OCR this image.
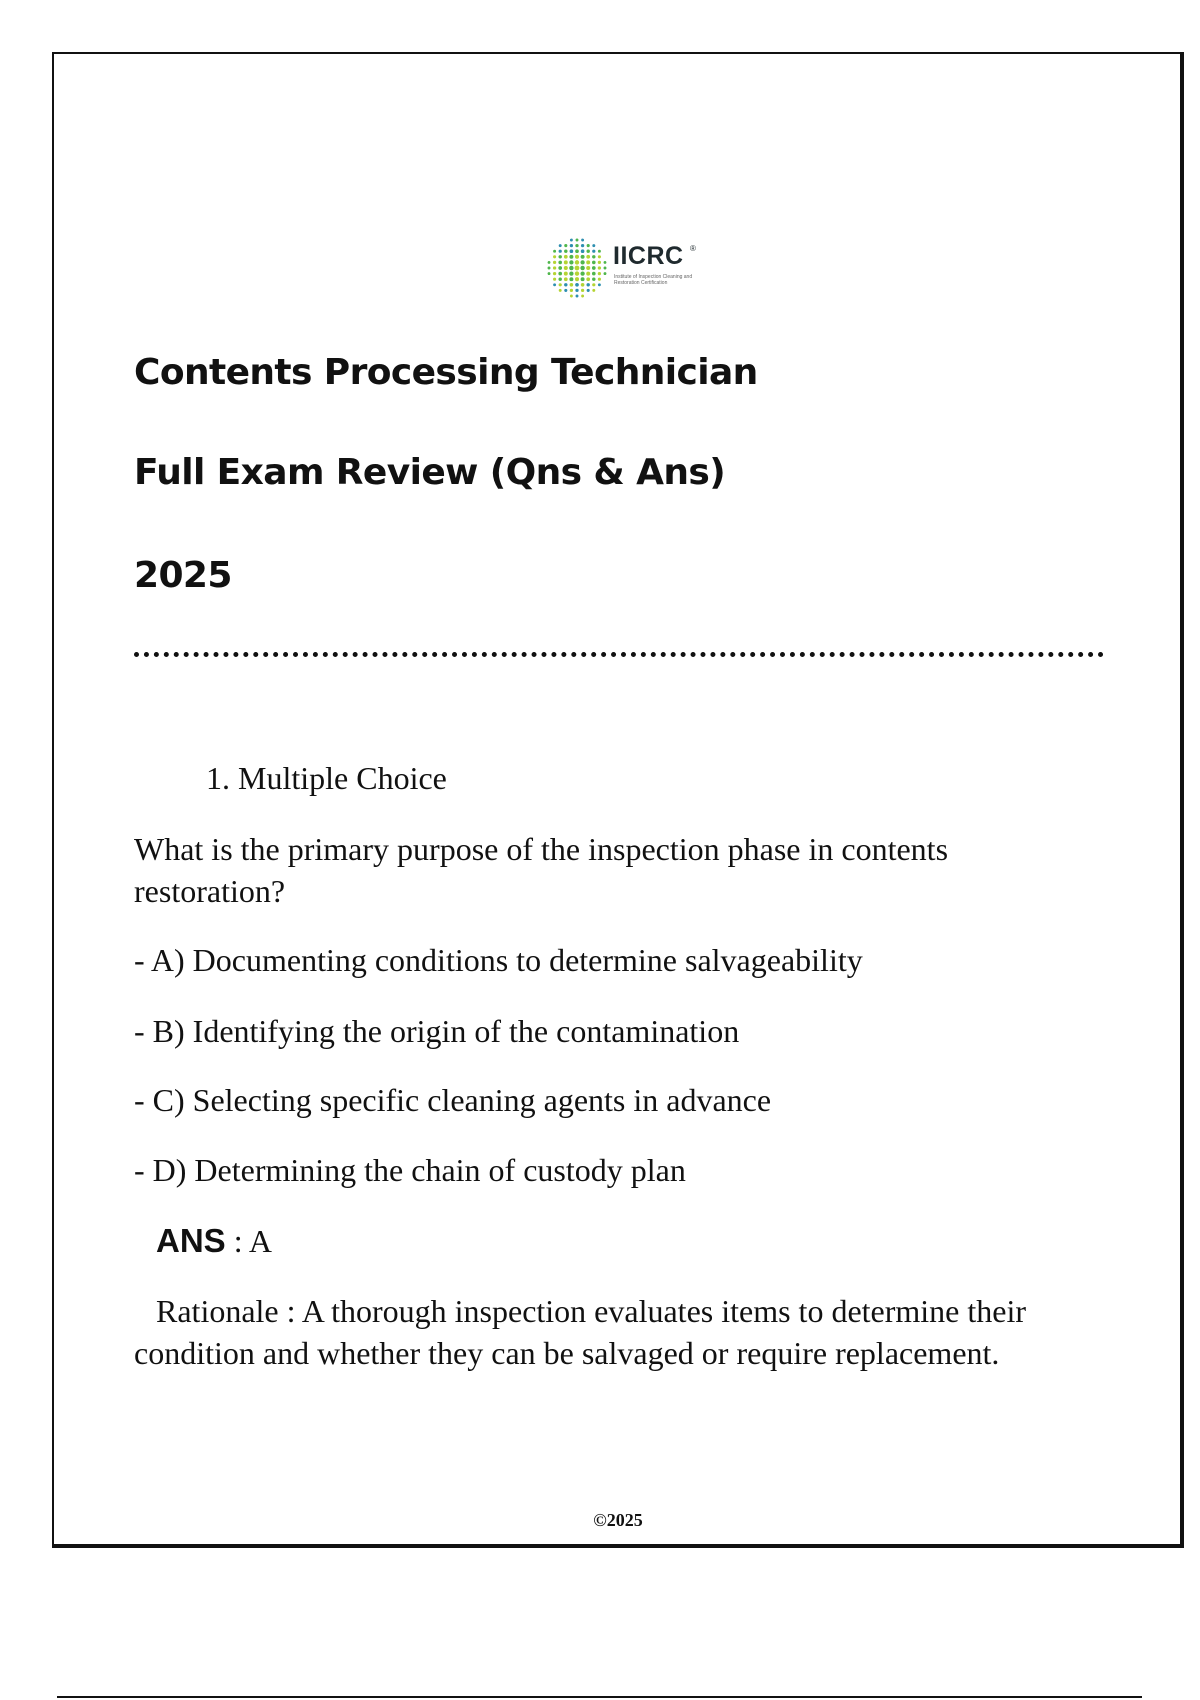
IICRC ®
Institute of Inspection Cleaning and Restoration Certification
Contents Processing Technician
Full Exam Review (Qns & Ans)
2025
1. Multiple Choice
What is the primary purpose of the inspection phase in contents restoration?
- A) Documenting conditions to determine salvageability
- B) Identifying the origin of the contamination
- C) Selecting specific cleaning agents in advance
- D) Determining the chain of custody plan
ANS : A
Rationale : A thorough inspection evaluates items to determine their condition and whether they can be salvaged or require replacement.
©2025
